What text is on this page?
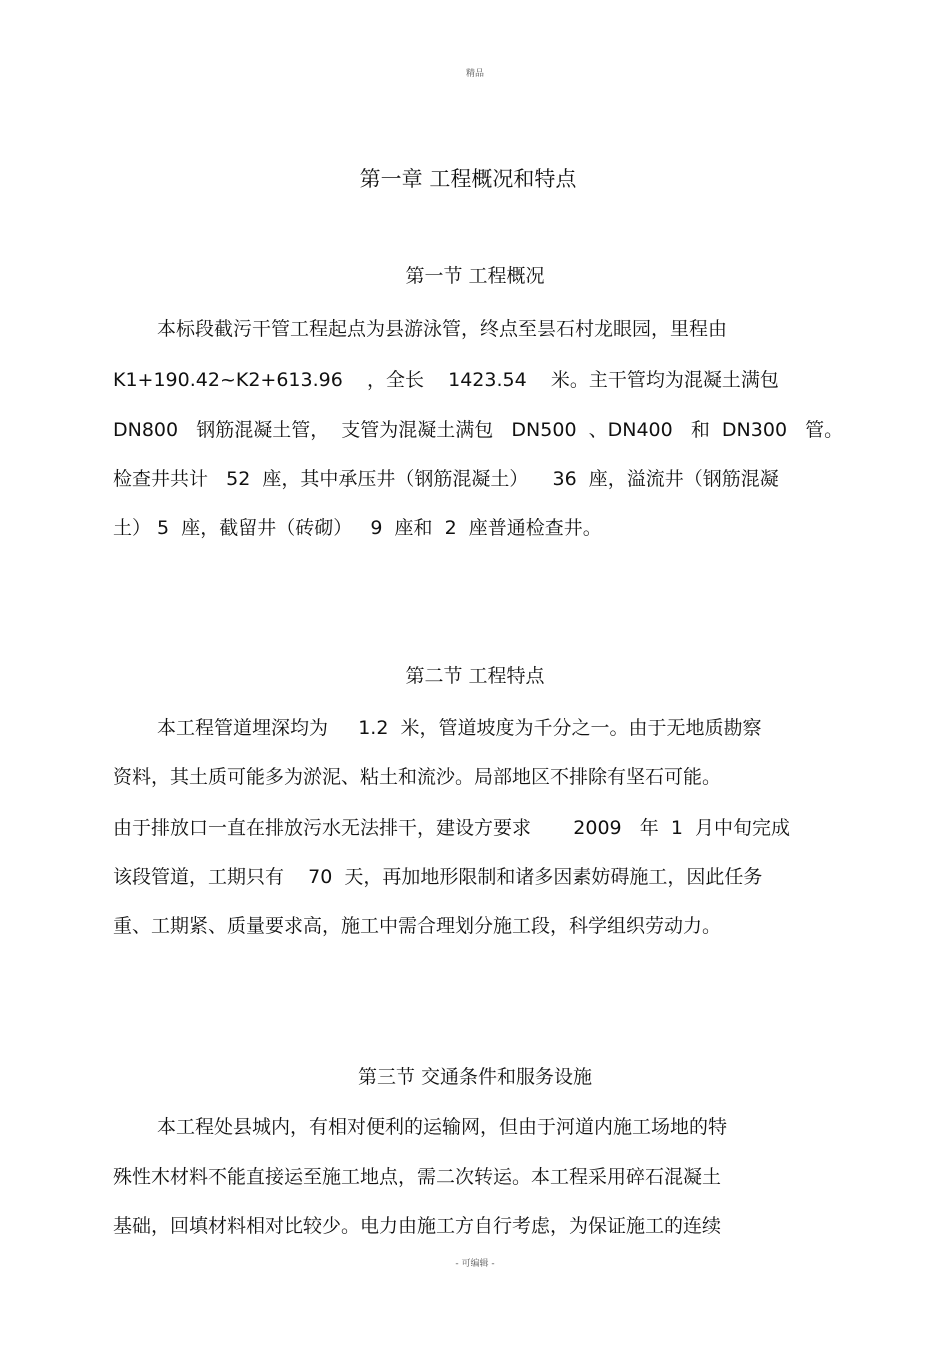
精品
第一章 工程概况和特点
第一节 工程概况
本标段截污干管工程起点为县游泳管，终点至昙石村龙眼园，里程由
K1+190.42~K2+613.96    ，全长    1423.54    米。主干管均为混凝土满包
DN800   钢筋混凝土管，  支管为混凝土满包   DN500  、DN400   和  DN300   管。
检查井共计   52  座，其中承压井（钢筋混凝土）    36  座，溢流井（钢筋混凝
土） 5  座，截留井（砖砌）   9  座和  2  座普通检查井。
第二节 工程特点
本工程管道埋深均为     1.2  米，管道坡度为千分之一。由于无地质勘察
资料，其土质可能多为淤泥、粘土和流沙。局部地区不排除有坚石可能。
由于排放口一直在排放污水无法排干，建设方要求       2009   年  1  月中旬完成
该段管道，工期只有    70  天，再加地形限制和诸多因素妨碍施工，因此任务
重、工期紧、质量要求高，施工中需合理划分施工段，科学组织劳动力。
第三节 交通条件和服务设施
本工程处县城内，有相对便利的运输网，但由于河道内施工场地的特
殊性木材料不能直接运至施工地点，需二次转运。本工程采用碎石混凝土
基础，回填材料相对比较少。电力由施工方自行考虑，为保证施工的连续
- 可编辑 -
